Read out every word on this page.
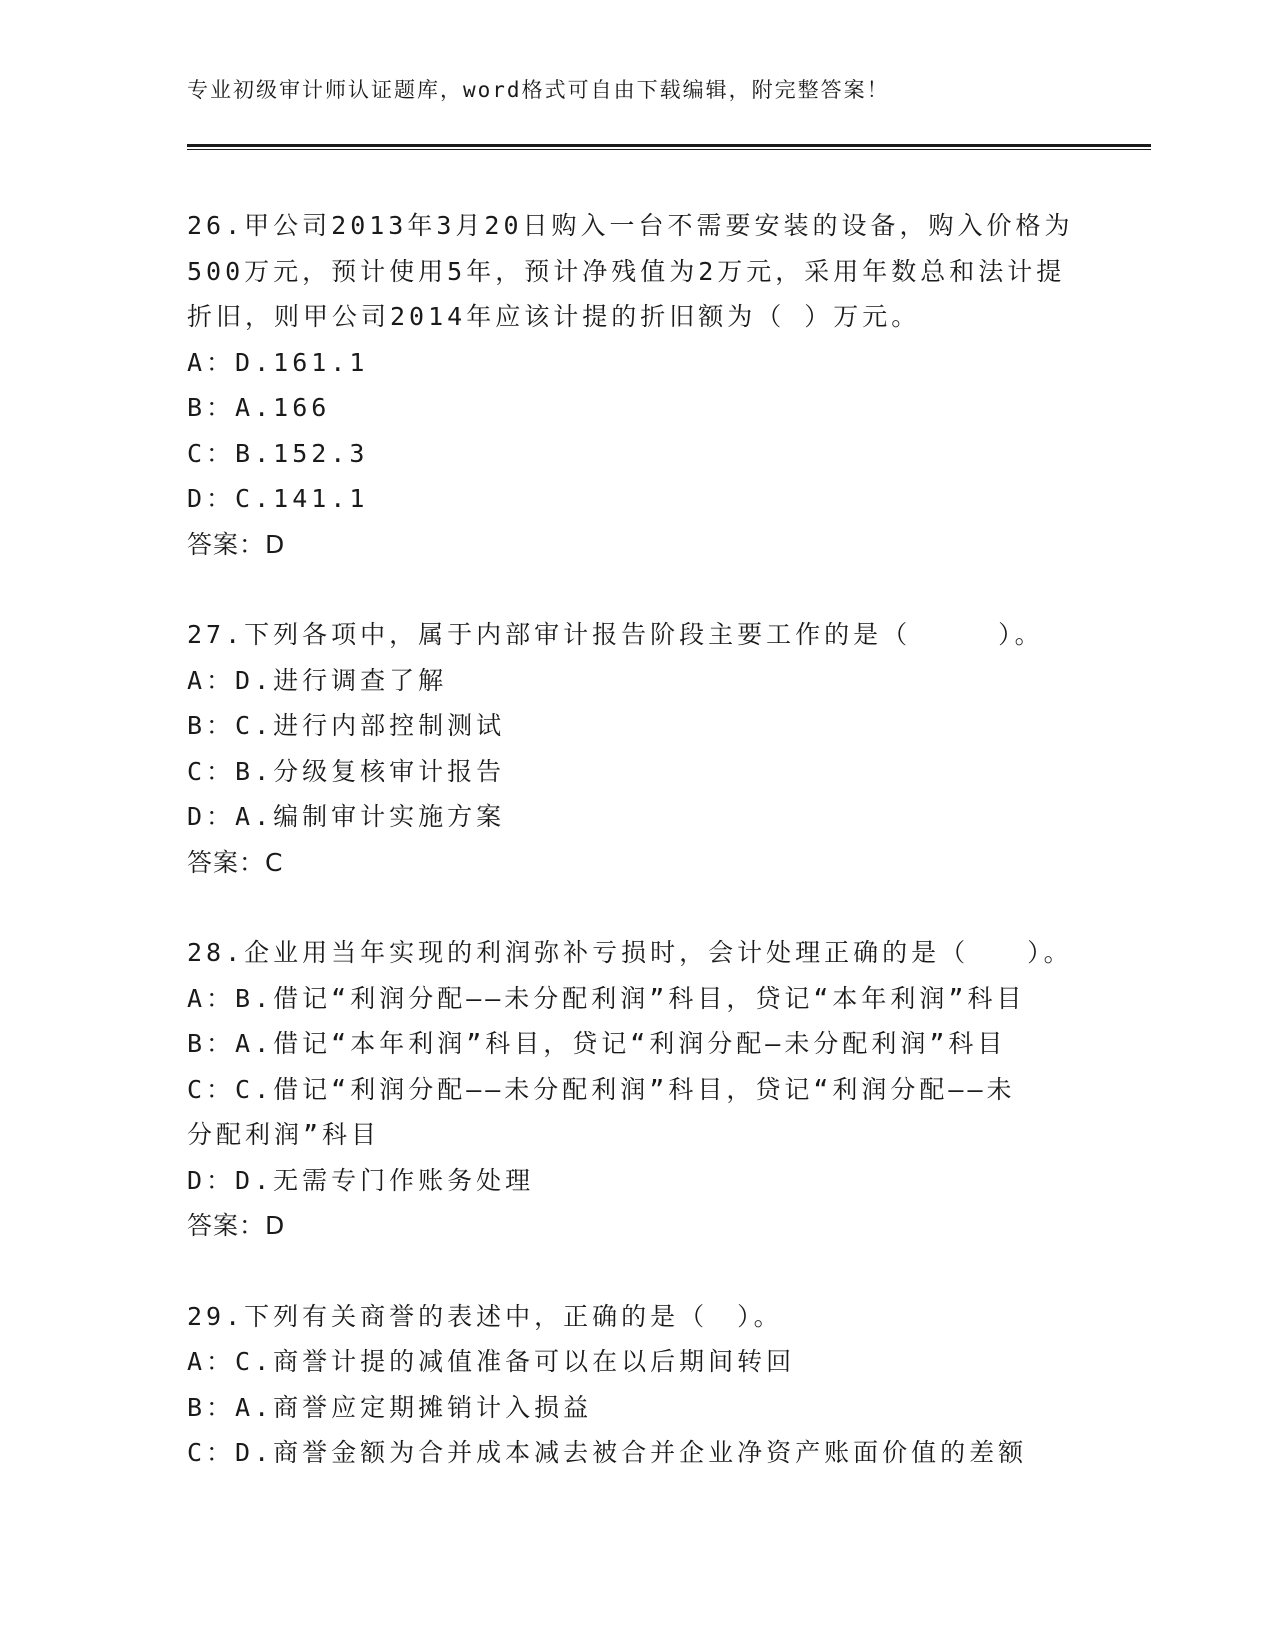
专业初级审计师认证题库，word格式可自由下载编辑，附完整答案！
26.甲公司2013年3月20日购入一台不需要安装的设备，购入价格为
500万元，预计使用5年，预计净残值为2万元，采用年数总和法计提
折旧，则甲公司2014年应该计提的折旧额为（ ）万元。
A：D.161.1
B：A.166
C：B.152.3
D：C.141.1
答案：D
27.下列各项中，属于内部审计报告阶段主要工作的是（　　　）。
A：D.进行调查了解
B：C.进行内部控制测试
C：B.分级复核审计报告
D：A.编制审计实施方案
答案：C
28.企业用当年实现的利润弥补亏损时，会计处理正确的是（　　）。
A：B.借记“利润分配——未分配利润”科目，贷记“本年利润”科目
B：A.借记“本年利润”科目，贷记“利润分配—未分配利润”科目
C：C.借记“利润分配——未分配利润”科目，贷记“利润分配——未
分配利润”科目
D：D.无需专门作账务处理
答案：D
29.下列有关商誉的表述中，正确的是（　）。
A：C.商誉计提的减值准备可以在以后期间转回
B：A.商誉应定期摊销计入损益
C：D.商誉金额为合并成本减去被合并企业净资产账面价值的差额
